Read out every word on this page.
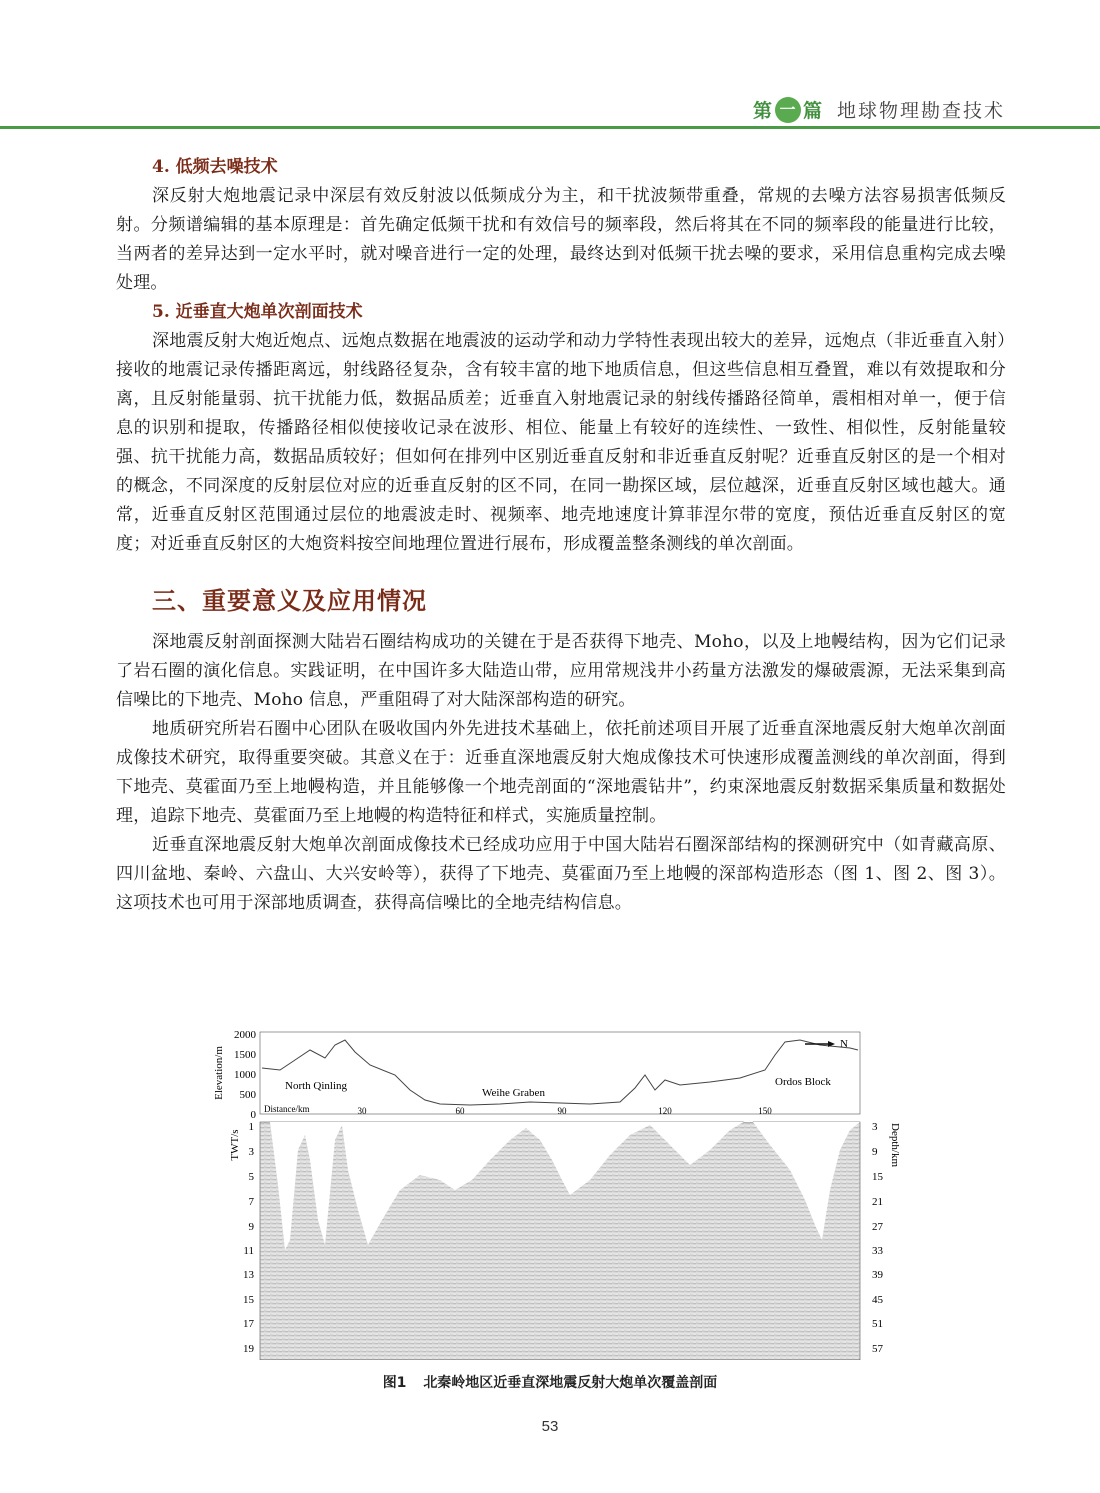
第 一 篇 地球物理勘查技术
4. 低频去噪技术

深反射大炮地震记录中深层有效反射波以低频成分为主，和干扰波频带重叠，常规的去噪方法容易损害低频反射。分频谱编辑的基本原理是：首先确定低频干扰和有效信号的频率段，然后将其在不同的频率段的能量进行比较，当两者的差异达到一定水平时，就对噪音进行一定的处理，最终达到对低频干扰去噪的要求，采用信息重构完成去噪处理。

5. 近垂直大炮单次剖面技术

深地震反射大炮近炮点、远炮点数据在地震波的运动学和动力学特性表现出较大的差异，远炮点（非近垂直入射）接收的地震记录传播距离远，射线路径复杂，含有较丰富的地下地质信息，但这些信息相互叠置，难以有效提取和分离，且反射能量弱、抗干扰能力低，数据品质差；近垂直入射地震记录的射线传播路径简单，震相相对单一，便于信息的识别和提取，传播路径相似使接收记录在波形、相位、能量上有较好的连续性、一致性、相似性，反射能量较强、抗干扰能力高，数据品质较好；但如何在排列中区别近垂直反射和非近垂直反射呢？近垂直反射区的是一个相对的概念，不同深度的反射层位对应的近垂直反射的区不同，在同一勘探区域，层位越深，近垂直反射区域也越大。通常，近垂直反射区范围通过层位的地震波走时、视频率、地壳地速度计算菲涅尔带的宽度，预估近垂直反射区的宽度；对近垂直反射区的大炮资料按空间地理位置进行展布，形成覆盖整条测线的单次剖面。

三、重要意义及应用情况

深地震反射剖面探测大陆岩石圈结构成功的关键在于是否获得下地壳、Moho，以及上地幔结构，因为它们记录了岩石圈的演化信息。实践证明，在中国许多大陆造山带，应用常规浅井小药量方法激发的爆破震源，无法采集到高信噪比的下地壳、Moho 信息，严重阻碍了对大陆深部构造的研究。

地质研究所岩石圈中心团队在吸收国内外先进技术基础上，依托前述项目开展了近垂直深地震反射大炮单次剖面成像技术研究，取得重要突破。其意义在于：近垂直深地震反射大炮成像技术可快速形成覆盖测线的单次剖面，得到下地壳、莫霍面乃至上地幔构造，并且能够像一个地壳剖面的“深地震钻井”，约束深地震反射数据采集质量和数据处理，追踪下地壳、莫霍面乃至上地幔的构造特征和样式，实施质量控制。

近垂直深地震反射大炮单次剖面成像技术已经成功应用于中国大陆岩石圈深部结构的探测研究中（如青藏高原、四川盆地、秦岭、六盘山、大兴安岭等），获得了下地壳、莫霍面乃至上地幔的深部构造形态（图 1、图 2、图 3）。这项技术也可用于深部地质调查，获得高信噪比的全地壳结构信息。

Elevation/m
2000
1500
1000
500
0
North Qinling
Weihe Graben
Ordos Block
N
Distance/km	30	60	90	120	150
TWT/s
1
3
5
7
9
11
13
15
17
19
Depth/km
3
9
15
21
27
33
39
45
51
57
图1 北秦岭地区近垂直深地震反射大炮单次覆盖剖面
53
